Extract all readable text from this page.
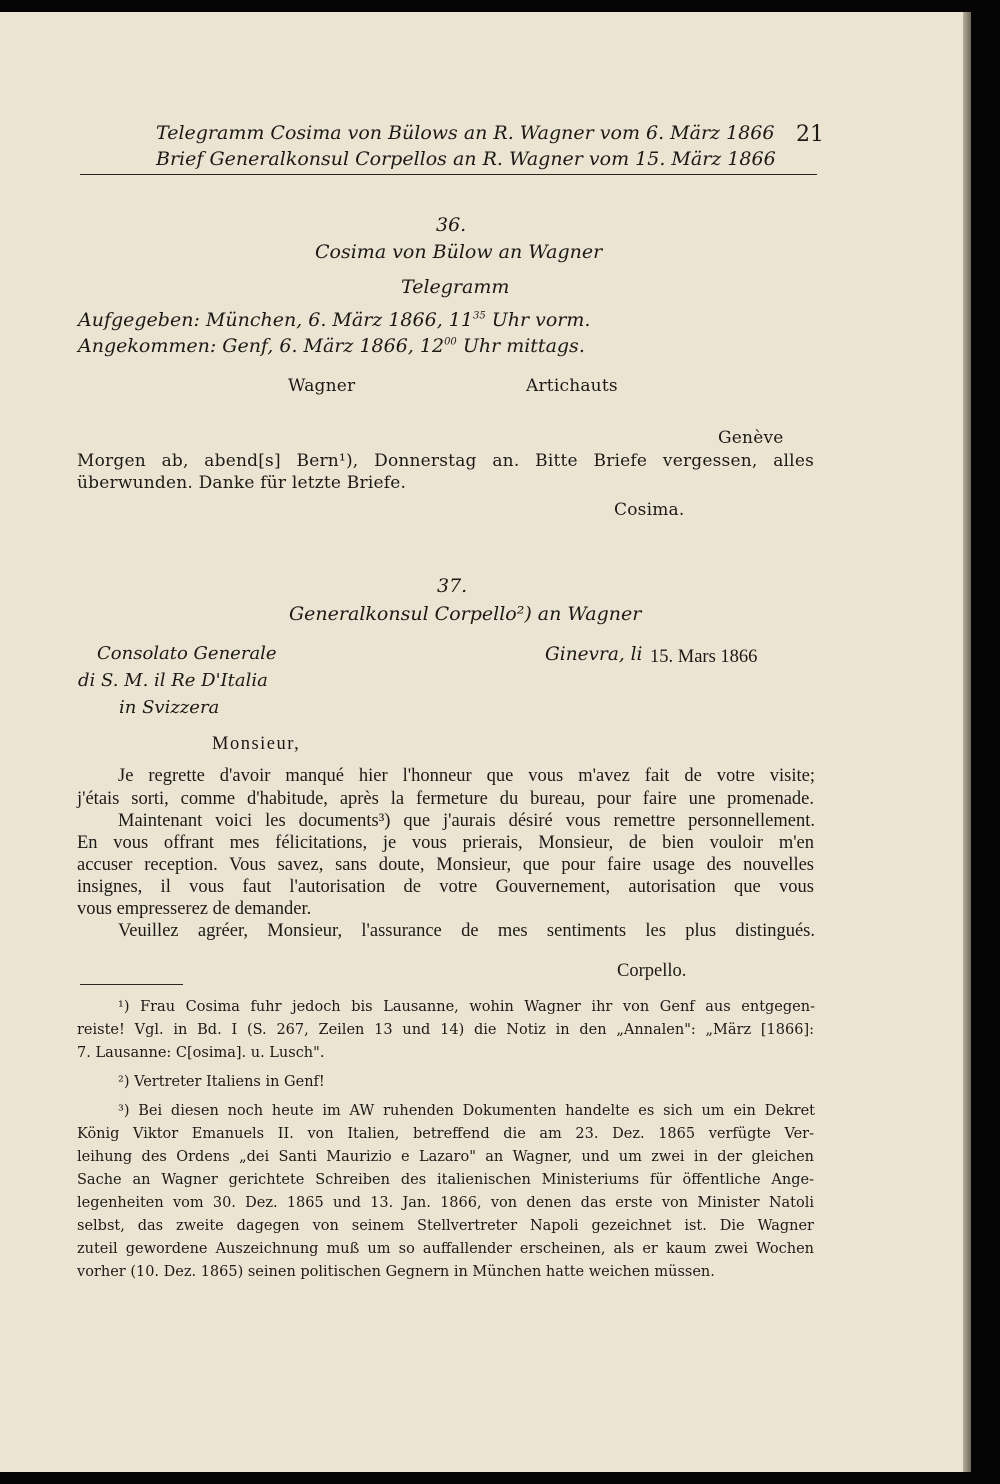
Telegramm Cosima von Bülows an R. Wagner vom 6. März 1866
Brief Generalkonsul Corpellos an R. Wagner vom 15. März 1866
21
36.
Cosima von Bülow an Wagner
Telegramm
Aufgegeben: München, 6. März 1866, $11^{35}$ Uhr vorm.
Angekommen: Genf, 6. März 1866, $12^{00}$ Uhr mittags.
Wagner	Artichauts
Genève
Morgen ab, abend[s] Bern¹), Donnerstag an. Bitte Briefe vergessen, alles
überwunden. Danke für letzte Briefe.
Cosima.
37.
Generalkonsul Corpello²) an Wagner
Consolato Generale
di S. M. il Re D'Italia
in Svizzera
Ginevra, li 15. Mars 1866
Monsieur,
Je regrette d'avoir manqué hier l'honneur que vous m'avez fait de votre visite;
j'étais sorti, comme d'habitude, après la fermeture du bureau, pour faire une promenade.
Maintenant voici les documents³) que j'aurais désiré vous remettre personnellement.
En vous offrant mes félicitations, je vous prierais, Monsieur, de bien vouloir m'en
accuser reception. Vous savez, sans doute, Monsieur, que pour faire usage des nouvelles
insignes, il vous faut l'autorisation de votre Gouvernement, autorisation que vous
vous empresserez de demander.
Veuillez agréer, Monsieur, l'assurance de mes sentiments les plus distingués.
Corpello.
¹) Frau Cosima fuhr jedoch bis Lausanne, wohin Wagner ihr von Genf aus entgegen-
reiste! Vgl. in Bd. I (S. 267, Zeilen 13 und 14) die Notiz in den „Annalen": „März [1866]:
7. Lausanne: C[osima]. u. Lusch".
²) Vertreter Italiens in Genf!
³) Bei diesen noch heute im AW ruhenden Dokumenten handelte es sich um ein Dekret
König Viktor Emanuels II. von Italien, betreffend die am 23. Dez. 1865 verfügte Ver-
leihung des Ordens „dei Santi Maurizio e Lazaro" an Wagner, und um zwei in der gleichen
Sache an Wagner gerichtete Schreiben des italienischen Ministeriums für öffentliche Ange-
legenheiten vom 30. Dez. 1865 und 13. Jan. 1866, von denen das erste von Minister Natoli
selbst, das zweite dagegen von seinem Stellvertreter Napoli gezeichnet ist. Die Wagner
zuteil gewordene Auszeichnung muß um so auffallender erscheinen, als er kaum zwei Wochen
vorher (10. Dez. 1865) seinen politischen Gegnern in München hatte weichen müssen.
